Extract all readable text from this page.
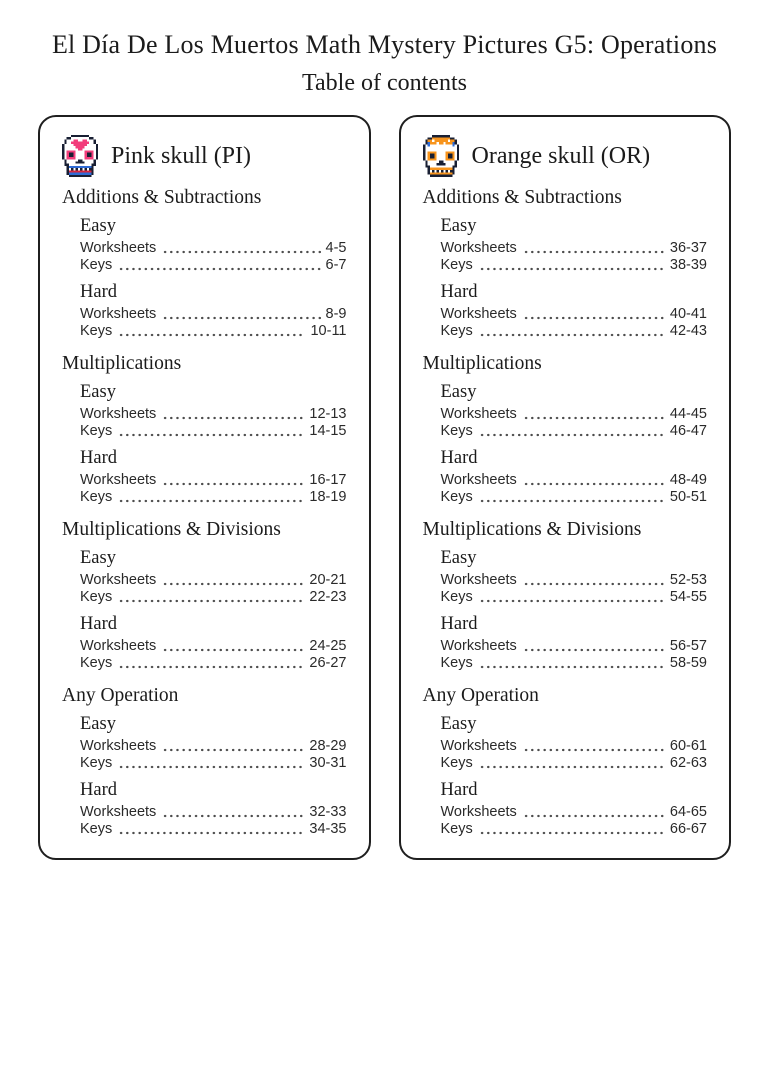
El Día De Los Muertos Math Mystery Pictures G5: Operations
Table of contents
Pink skull (PI)
Additions & Subtractions
Easy
Worksheets	4-5
Keys	6-7
Hard
Worksheets	8-9
Keys	10-11
Multiplications
Easy
Worksheets	12-13
Keys	14-15
Hard
Worksheets	16-17
Keys	18-19
Multiplications & Divisions
Easy
Worksheets	20-21
Keys	22-23
Hard
Worksheets	24-25
Keys	26-27
Any Operation
Easy
Worksheets	28-29
Keys	30-31
Hard
Worksheets	32-33
Keys	34-35
Orange skull (OR)
Additions & Subtractions
Easy
Worksheets	36-37
Keys	38-39
Hard
Worksheets	40-41
Keys	42-43
Multiplications
Easy
Worksheets	44-45
Keys	46-47
Hard
Worksheets	48-49
Keys	50-51
Multiplications & Divisions
Easy
Worksheets	52-53
Keys	54-55
Hard
Worksheets	56-57
Keys	58-59
Any Operation
Easy
Worksheets	60-61
Keys	62-63
Hard
Worksheets	64-65
Keys	66-67
